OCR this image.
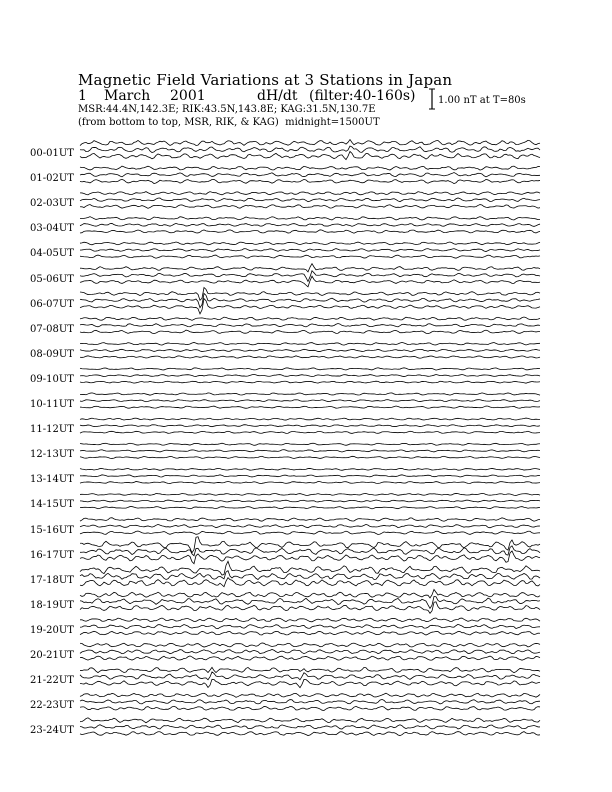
Magnetic Field Variations at 3 Stations in Japan
1 March 2001	dH/dt (filter:40-160s)
MSR:44.4N,142.3E; RIK:43.5N,143.8E; KAG:31.5N,130.7E
(from bottom to top, MSR, RIK, & KAG) midnight=1500UT
1.00 nT at T=80s
00-01UT
01-02UT
02-03UT
03-04UT
04-05UT
05-06UT
06-07UT
07-08UT
08-09UT
09-10UT
10-11UT
11-12UT
12-13UT
13-14UT
14-15UT
15-16UT
16-17UT
17-18UT
18-19UT
19-20UT
20-21UT
21-22UT
22-23UT
23-24UT
